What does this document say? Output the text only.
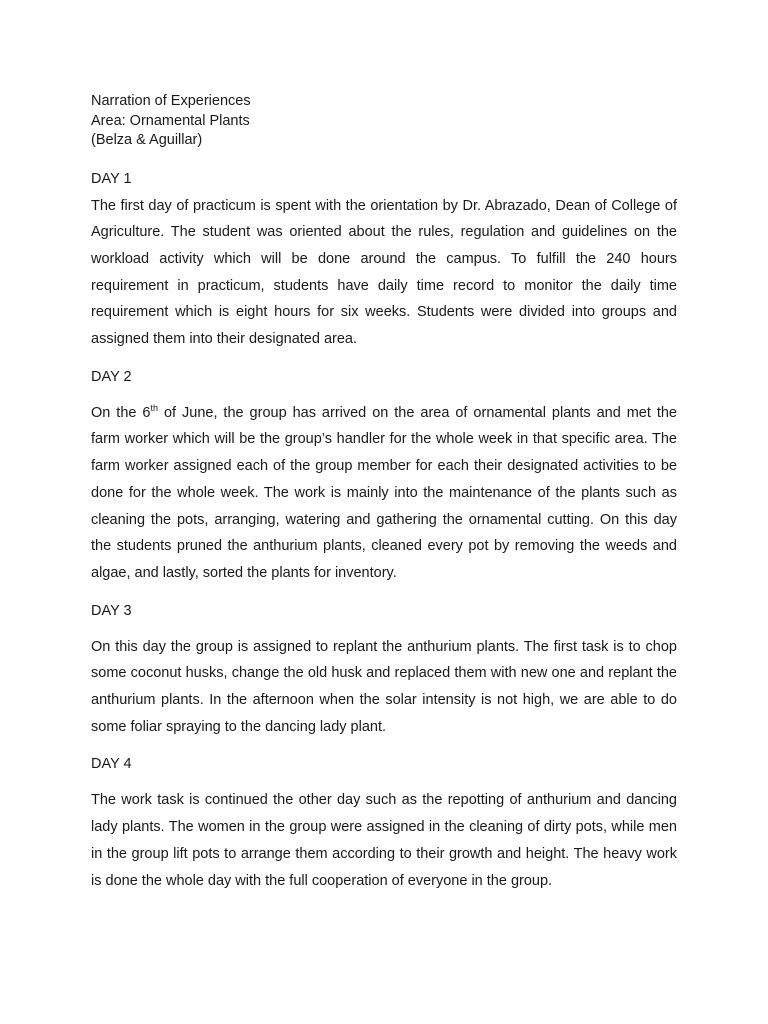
Narration of Experiences

Area: Ornamental Plants

(Belza & Aguillar)

DAY 1

The first day of practicum is spent with the orientation by Dr. Abrazado, Dean of College of Agriculture. The student was oriented about the rules, regulation and guidelines on the workload activity which will be done around the campus. To fulfill the 240 hours requirement in practicum, students have daily time record to monitor the daily time requirement which is eight hours for six weeks. Students were divided into groups and assigned them into their designated area.

DAY 2

On the 6th of June, the group has arrived on the area of ornamental plants and met the farm worker which will be the group’s handler for the whole week in that specific area. The farm worker assigned each of the group member for each their designated activities to be done for the whole week. The work is mainly into the maintenance of the plants such as cleaning the pots, arranging, watering and gathering the ornamental cutting. On this day the students pruned the anthurium plants, cleaned every pot by removing the weeds and algae, and lastly, sorted the plants for inventory.

DAY 3

On this day the group is assigned to replant the anthurium plants. The first task is to chop some coconut husks, change the old husk and replaced them with new one and replant the anthurium plants. In the afternoon when the solar intensity is not high, we are able to do some foliar spraying to the dancing lady plant.

DAY 4

The work task is continued the other day such as the repotting of anthurium and dancing lady plants. The women in the group were assigned in the cleaning of dirty pots, while men in the group lift pots to arrange them according to their growth and height. The heavy work is done the whole day with the full cooperation of everyone in the group.
